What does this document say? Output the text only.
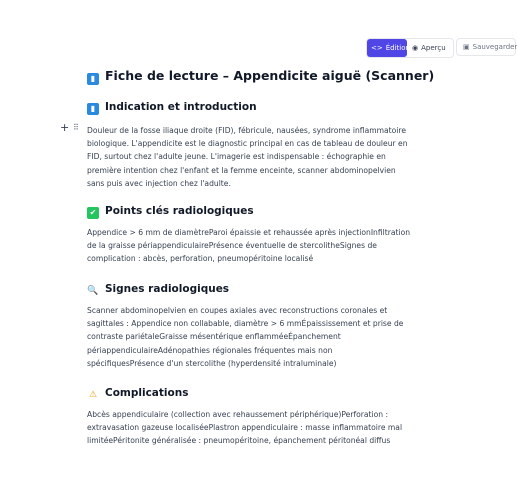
<> Édition ◉ Aperçu ▣ Sauvegarder
+ ⠿
▮ Fiche de lecture – Appendicite aiguë (Scanner)
▮ Indication et introduction

Douleur de la fosse iliaque droite (FID), fébricule, nausées, syndrome inflammatoire biologique. L'appendicite est le diagnostic principal en cas de tableau de douleur en FID, surtout chez l'adulte jeune. L'imagerie est indispensable : échographie en première intention chez l'enfant et la femme enceinte, scanner abdominopelvien sans puis avec injection chez l'adulte.

✔ Points clés radiologiques

Appendice > 6 mm de diamètreParoi épaissie et rehaussée après injectionInfiltration de la graisse périappendiculairePrésence éventuelle de stercolitheSignes de complication : abcès, perforation, pneumopéritoine localisé

🔍 Signes radiologiques

Scanner abdominopelvien en coupes axiales avec reconstructions coronales et sagittales : Appendice non collabable, diamètre > 6 mmÉpaississement et prise de contraste pariétaleGraisse mésentérique enflamméeÉpanchement périappendiculaireAdénopathies régionales fréquentes mais non spécifiquesPrésence d'un stercolithe (hyperdensité intraluminale)

⚠ Complications

Abcès appendiculaire (collection avec rehaussement périphérique)Perforation : extravasation gazeuse localiséePlastron appendiculaire : masse inflammatoire mal limitéePéritonite généralisée : pneumopéritoine, épanchement péritonéal diffus
